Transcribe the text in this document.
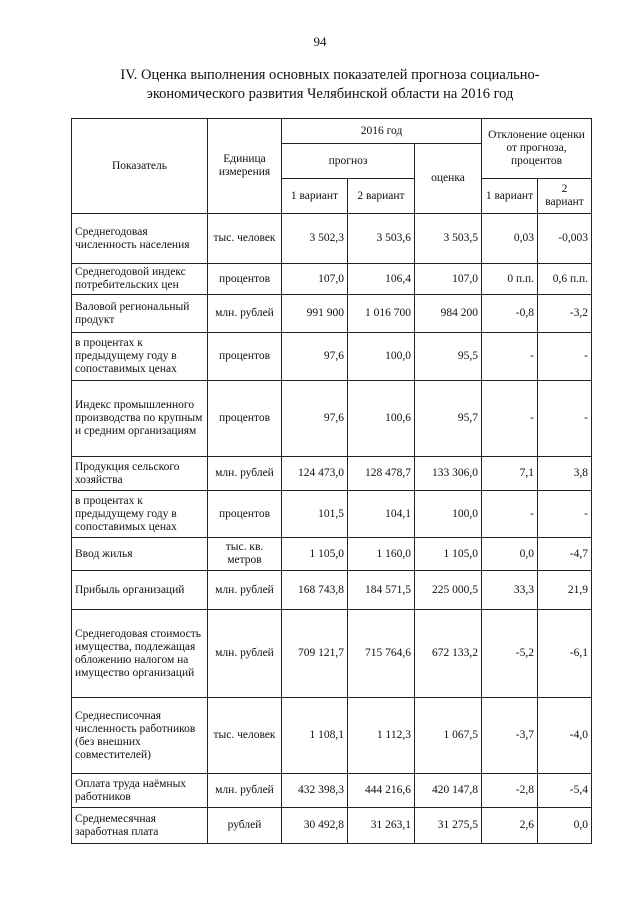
94
IV. Оценка выполнения основных показателей прогноза социально-
экономического развития Челябинской области на 2016 год
Показатель	Единица измерения	2016 год			Отклонение оценки от прогноза, процентов	
		прогноз		оценка		
		1 вариант	2 вариант		1 вариант	2 вариант
Среднегодовая численность населения	тыс. человек	3 502,3	3 503,6	3 503,5	0,03	-0,003
Среднегодовой индекс потребительских цен	процентов	107,0	106,4	107,0	0 п.п.	0,6 п.п.
Валовой региональный продукт	млн. рублей	991 900	1 016 700	984 200	-0,8	-3,2
в процентах к предыдущему году в сопоставимых ценах	процентов	97,6	100,0	95,5	-	-
Индекс промышленного производства по крупным и средним организациям	процентов	97,6	100,6	95,7	-	-
Продукция сельского хозяйства	млн. рублей	124 473,0	128 478,7	133 306,0	7,1	3,8
в процентах к предыдущему году в сопоставимых ценах	процентов	101,5	104,1	100,0	-	-
Ввод жилья	тыс. кв. метров	1 105,0	1 160,0	1 105,0	0,0	-4,7
Прибыль организаций	млн. рублей	168 743,8	184 571,5	225 000,5	33,3	21,9
Среднегодовая стоимость имущества, подлежащая обложению налогом на имущество организаций	млн. рублей	709 121,7	715 764,6	672 133,2	-5,2	-6,1
Среднесписочная численность работников (без внешних совместителей)	тыс. человек	1 108,1	1 112,3	1 067,5	-3,7	-4,0
Оплата труда наёмных работников	млн. рублей	432 398,3	444 216,6	420 147,8	-2,8	-5,4
Среднемесячная заработная плата	рублей	30 492,8	31 263,1	31 275,5	2,6	0,0
